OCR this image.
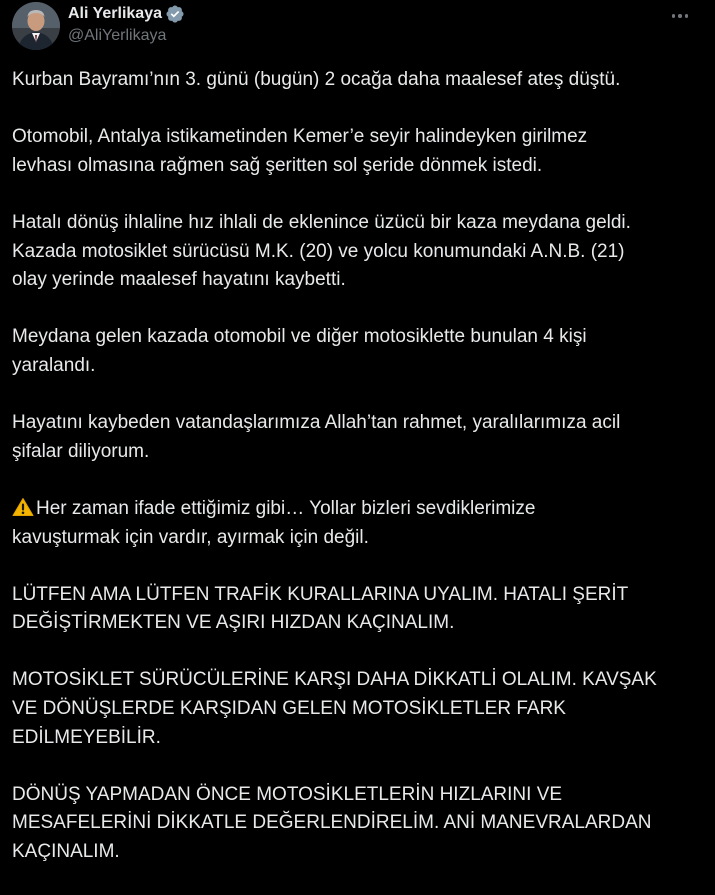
Ali Yerlikaya
@AliYerlikaya
Kurban Bayramı’nın 3. günü (bugün) 2 ocağa daha maalesef ateş düştü.
Otomobil, Antalya istikametinden Kemer’e seyir halindeyken girilmez
levhası olmasına rağmen sağ şeritten sol şeride dönmek istedi.
Hatalı dönüş ihlaline hız ihlali de eklenince üzücü bir kaza meydana geldi.
Kazada motosiklet sürücüsü M.K. (20) ve yolcu konumundaki A.N.B. (21)
olay yerinde maalesef hayatını kaybetti.
Meydana gelen kazada otomobil ve diğer motosiklette bunulan 4 kişi
yaralandı.
Hayatını kaybeden vatandaşlarımıza Allah’tan rahmet, yaralılarımıza acil
şifalar diliyorum.
Her zaman ifade ettiğimiz gibi… Yollar bizleri sevdiklerimize
kavuşturmak için vardır, ayırmak için değil.
LÜTFEN AMA LÜTFEN TRAFİK KURALLARINA UYALIM. HATALI ŞERİT
DEĞİŞTİRMEKTEN VE AŞIRI HIZDAN KAÇINALIM.
MOTOSİKLET SÜRÜCÜLERİNE KARŞI DAHA DİKKATLİ OLALIM. KAVŞAK
VE DÖNÜŞLERDE KARŞIDAN GELEN MOTOSİKLETLER FARK
EDİLMEYEBİLİR.
DÖNÜŞ YAPMADAN ÖNCE MOTOSİKLETLERİN HIZLARINI VE
MESAFELERİNİ DİKKATLE DEĞERLENDİRELİM. ANİ MANEVRALARDAN
KAÇINALIM.
